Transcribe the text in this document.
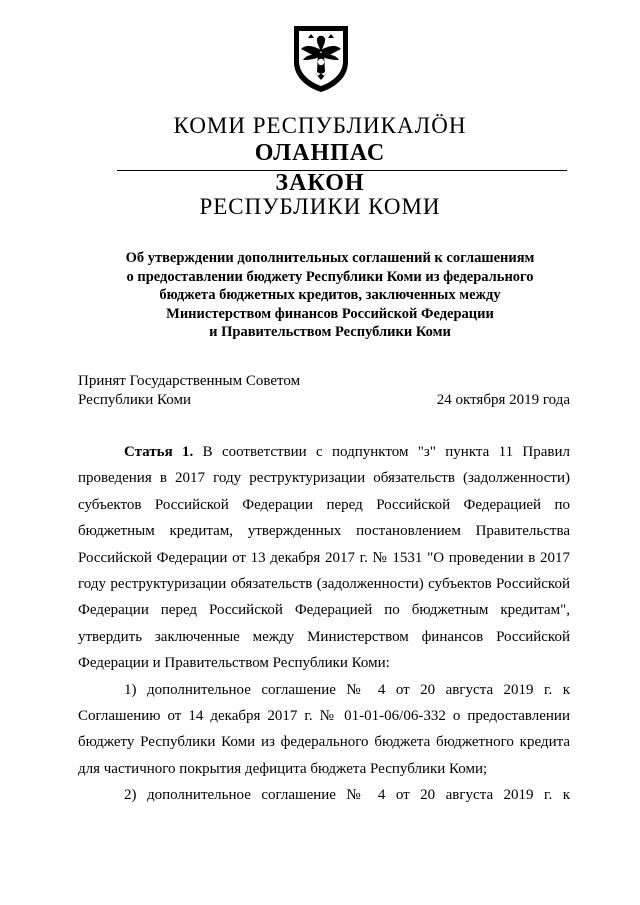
КОМИ РЕСПУБЛИКАЛÖН
ОЛАНПАС
ЗАКОН
РЕСПУБЛИКИ КОМИ
Об утверждении дополнительных соглашений к соглашениям
о предоставлении бюджету Республики Коми из федерального
бюджета бюджетных кредитов, заключенных между
Министерством финансов Российской Федерации
и Правительством Республики Коми
Принят Государственным Советом
Республики Коми	24 октября 2019 года

Статья 1. В соответствии с подпунктом "з" пункта 11 Правил проведения в 2017 году реструктуризации обязательств (задолженности) субъектов Российской Федерации перед Российской Федерацией по бюджетным кредитам, утвержденных постановлением Правительства Российской Федерации от 13 декабря 2017 г. № 1531 "О проведении в 2017 году реструктуризации обязательств (задолженности) субъектов Российской Федерации перед Российской Федерацией по бюджетным кредитам", утвердить заключенные между Министерством финансов Российской Федерации и Правительством Республики Коми:

1) дополнительное соглашение № 4 от 20 августа 2019 г. к Соглашению от 14 декабря 2017 г. № 01-01-06/06-332 о предоставлении бюджету Республики Коми из федерального бюджета бюджетного кредита для частичного покрытия дефицита бюджета Республики Коми;

2) дополнительное соглашение № 4 от 20 августа 2019 г. к
